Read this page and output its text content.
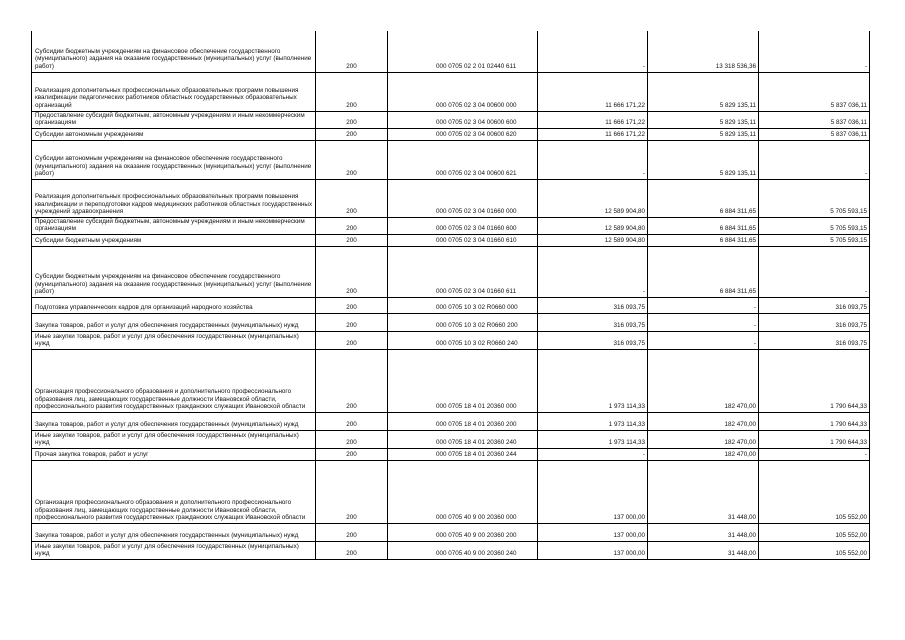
Субсидии бюджетным учреждениям на финансовое обеспечение государственного (муниципального) задания на оказание государственных (муниципальных) услуг (выполнение работ)	200	000 0705 02 2 01 02440 611	-	13 318 536,36	-
Реализация дополнительных профессиональных образовательных программ повышения квалификации педагогических работников областных государственных образовательных организаций	200	000 0705 02 3 04 00600 000	11 666 171,22	5 829 135,11	5 837 036,11
Предоставление субсидий бюджетным, автономным учреждениям и иным некоммерческим организациям	200	000 0705 02 3 04 00600 600	11 666 171,22	5 829 135,11	5 837 036,11
Субсидии автономным учреждениям	200	000 0705 02 3 04 00600 620	11 666 171,22	5 829 135,11	5 837 036,11
Субсидии автономным учреждениям на финансовое обеспечение государственного (муниципального) задания на оказание государственных (муниципальных) услуг (выполнение работ)	200	000 0705 02 3 04 00600 621	-	5 829 135,11	-
Реализация дополнительных профессиональных образовательных программ повышения квалификации и переподготовки кадров медицинских работников областных государственных учреждений здравоохранения	200	000 0705 02 3 04 01660 000	12 589 904,80	6 884 311,65	5 705 593,15
Предоставление субсидий бюджетным, автономным учреждениям и иным некоммерческим организациям	200	000 0705 02 3 04 01660 600	12 589 904,80	6 884 311,65	5 705 593,15
Субсидии бюджетным учреждениям	200	000 0705 02 3 04 01660 610	12 589 904,80	6 884 311,65	5 705 593,15
Субсидии бюджетным учреждениям на финансовое обеспечение государственного (муниципального) задания на оказание государственных (муниципальных) услуг (выполнение работ)	200	000 0705 02 3 04 01660 611	-	6 884 311,65	-
Подготовка управленческих кадров для организаций народного хозяйства	200	000 0705 10 3 02 R0660 000	316 093,75	-	316 093,75
Закупка товаров, работ и услуг для обеспечения государственных (муниципальных) нужд	200	000 0705 10 3 02 R0660 200	316 093,75	-	316 093,75
Иные закупки товаров, работ и услуг для обеспечения государственных (муниципальных) нужд	200	000 0705 10 3 02 R0660 240	316 093,75	-	316 093,75
Организация профессионального образования и дополнительного профессионального образования лиц, замещающих государственные должности Ивановской области, профессионального развития государственных гражданских служащих Ивановской области	200	000 0705 18 4 01 20360 000	1 973 114,33	182 470,00	1 790 644,33
Закупка товаров, работ и услуг для обеспечения государственных (муниципальных) нужд	200	000 0705 18 4 01 20360 200	1 973 114,33	182 470,00	1 790 644,33
Иные закупки товаров, работ и услуг для обеспечения государственных (муниципальных) нужд	200	000 0705 18 4 01 20360 240	1 973 114,33	182 470,00	1 790 644,33
Прочая закупка товаров, работ и услуг	200	000 0705 18 4 01 20360 244	-	182 470,00	-
Организация профессионального образования и дополнительного профессионального образования лиц, замещающих государственные должности Ивановской области, профессионального развития государственных гражданских служащих Ивановской области	200	000 0705 40 9 00 20360 000	137 000,00	31 448,00	105 552,00
Закупка товаров, работ и услуг для обеспечения государственных (муниципальных) нужд	200	000 0705 40 9 00 20360 200	137 000,00	31 448,00	105 552,00
Иные закупки товаров, работ и услуг для обеспечения государственных (муниципальных) нужд	200	000 0705 40 9 00 20360 240	137 000,00	31 448,00	105 552,00
